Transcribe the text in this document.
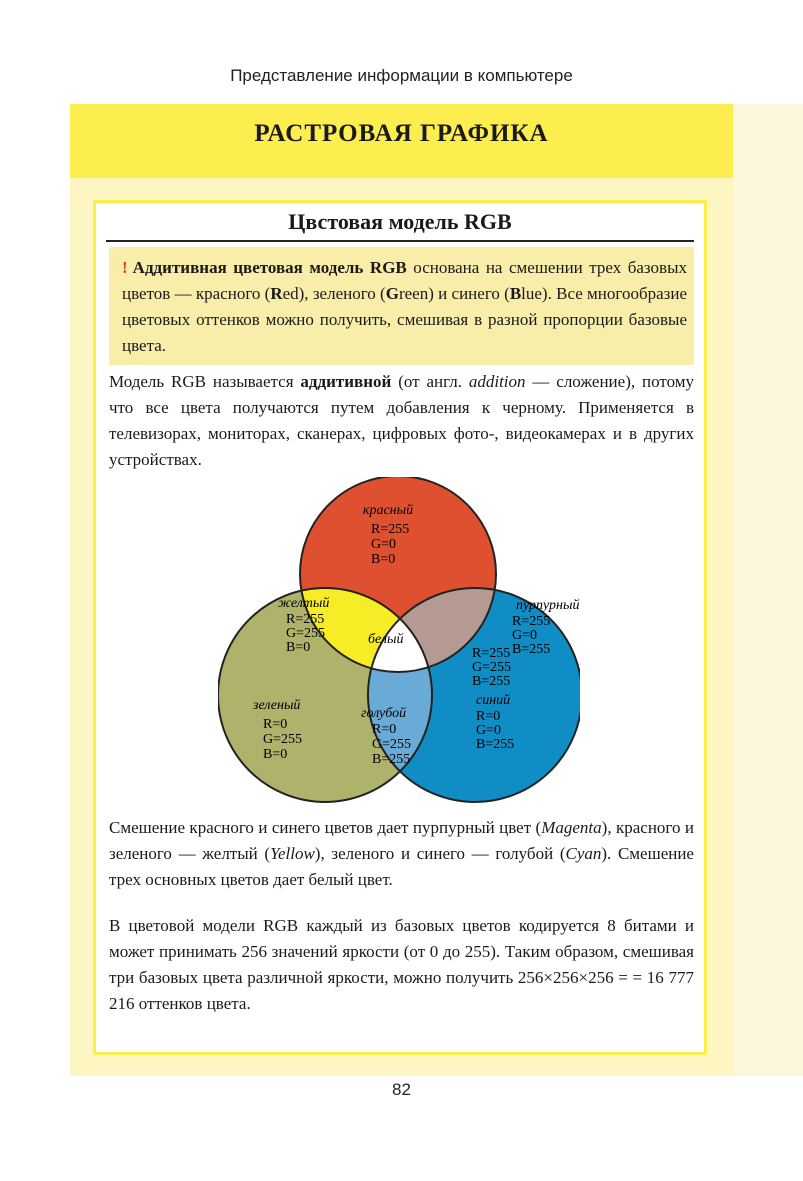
Представление информации в компьютере
РАСТРОВАЯ ГРАФИКА
Цвстовая модель RGB

! Аддитивная цветовая модель RGB основана на смешении трех базовых цветов — красного (Red), зеленого (Green) и синего (Blue). Все многообразие цветовых оттенков можно получить, смешивая в разной пропорции базовые цвета.

Модель RGB называется аддитивной (от англ. addition — сложение), потому что все цвета получаются путем добавления к черному. Применяется в телевизорах, мониторах, сканерах, цифровых фото-, видеокамерах и в других устройствах.

красный
R=255
G=0
B=0
желтый
R=255
G=255
B=0
пурпурный
R=255
G=0
B=255
белый
R=255
G=255
B=255
зеленый
R=0
G=255
B=0
голубой
R=0
G=255
B=255
синий
R=0
G=0
B=255

Смешение красного и синего цветов дает пурпурный цвет (Magenta), красного и зеленого — желтый (Yellow), зеленого и синего — голубой (Cyan). Смешение трех основных цветов дает белый цвет.

В цветовой модели RGB каждый из базовых цветов кодируется 8 битами и может принимать 256 значений яркости (от 0 до 255). Таким образом, смешивая три базовых цвета различной яркости, можно получить 256×256×256 = = 16 777 216 оттенков цвета.

82
